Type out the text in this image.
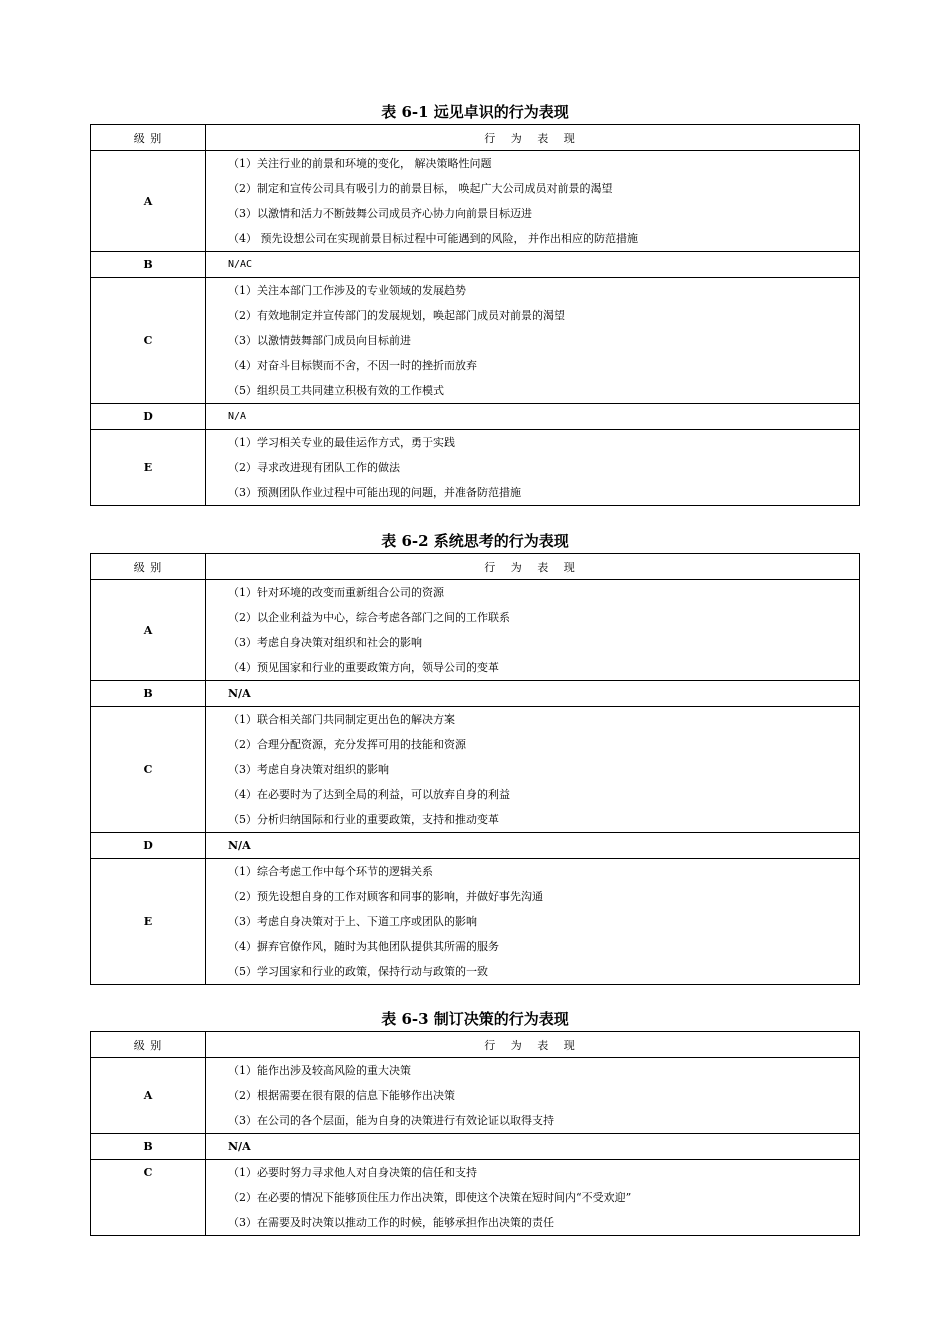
表 6-1 远见卓识的行为表现
级 别	行 为 表 现
A	（1）关注行业的前景和环境的变化， 解决策略性问题
（2）制定和宣传公司具有吸引力的前景目标， 唤起广大公司成员对前景的渴望
（3）以激情和活力不断鼓舞公司成员齐心协力向前景目标迈进
（4） 预先设想公司在实现前景目标过程中可能遇到的风险， 并作出相应的防范措施

B	N/AC

C	（1）关注本部门工作涉及的专业领域的发展趋势
（2）有效地制定并宣传部门的发展规划，唤起部门成员对前景的渴望
（3）以激情鼓舞部门成员向目标前进
（4）对奋斗目标锲而不舍，不因一时的挫折而放弃
（5）组织员工共同建立积极有效的工作模式

D	N/A

E	（1）学习相关专业的最佳运作方式，勇于实践
（2）寻求改进现有团队工作的做法
（3）预测团队作业过程中可能出现的问题，并准备防范措施
表 6-2 系统思考的行为表现
级 别	行 为 表 现
A	（1）针对环境的改变而重新组合公司的资源
（2）以企业利益为中心，综合考虑各部门之间的工作联系
（3）考虑自身决策对组织和社会的影响
（4）预见国家和行业的重要政策方向，领导公司的变革

B	N/A

C	（1）联合相关部门共同制定更出色的解决方案
（2）合理分配资源，充分发挥可用的技能和资源
（3）考虑自身决策对组织的影响
（4）在必要时为了达到全局的利益，可以放弃自身的利益
（5）分析归纳国际和行业的重要政策，支持和推动变革

D	N/A

E	（1）综合考虑工作中每个环节的逻辑关系
（2）预先设想自身的工作对顾客和同事的影响，并做好事先沟通
（3）考虑自身决策对于上、下道工序或团队的影响
（4）摒弃官僚作风，随时为其他团队提供其所需的服务
（5）学习国家和行业的政策，保持行动与政策的一致
表 6-3 制订决策的行为表现
级 别	行 为 表 现
A	（1）能作出涉及较高风险的重大决策
（2）根据需要在很有限的信息下能够作出决策
（3）在公司的各个层面，能为自身的决策进行有效论证以取得支持

B	N/A

C	（1）必要时努力寻求他人对自身决策的信任和支持
（2）在必要的情况下能够顶住压力作出决策，即使这个决策在短时间内“不受欢迎”
（3）在需要及时决策以推动工作的时候，能够承担作出决策的责任
